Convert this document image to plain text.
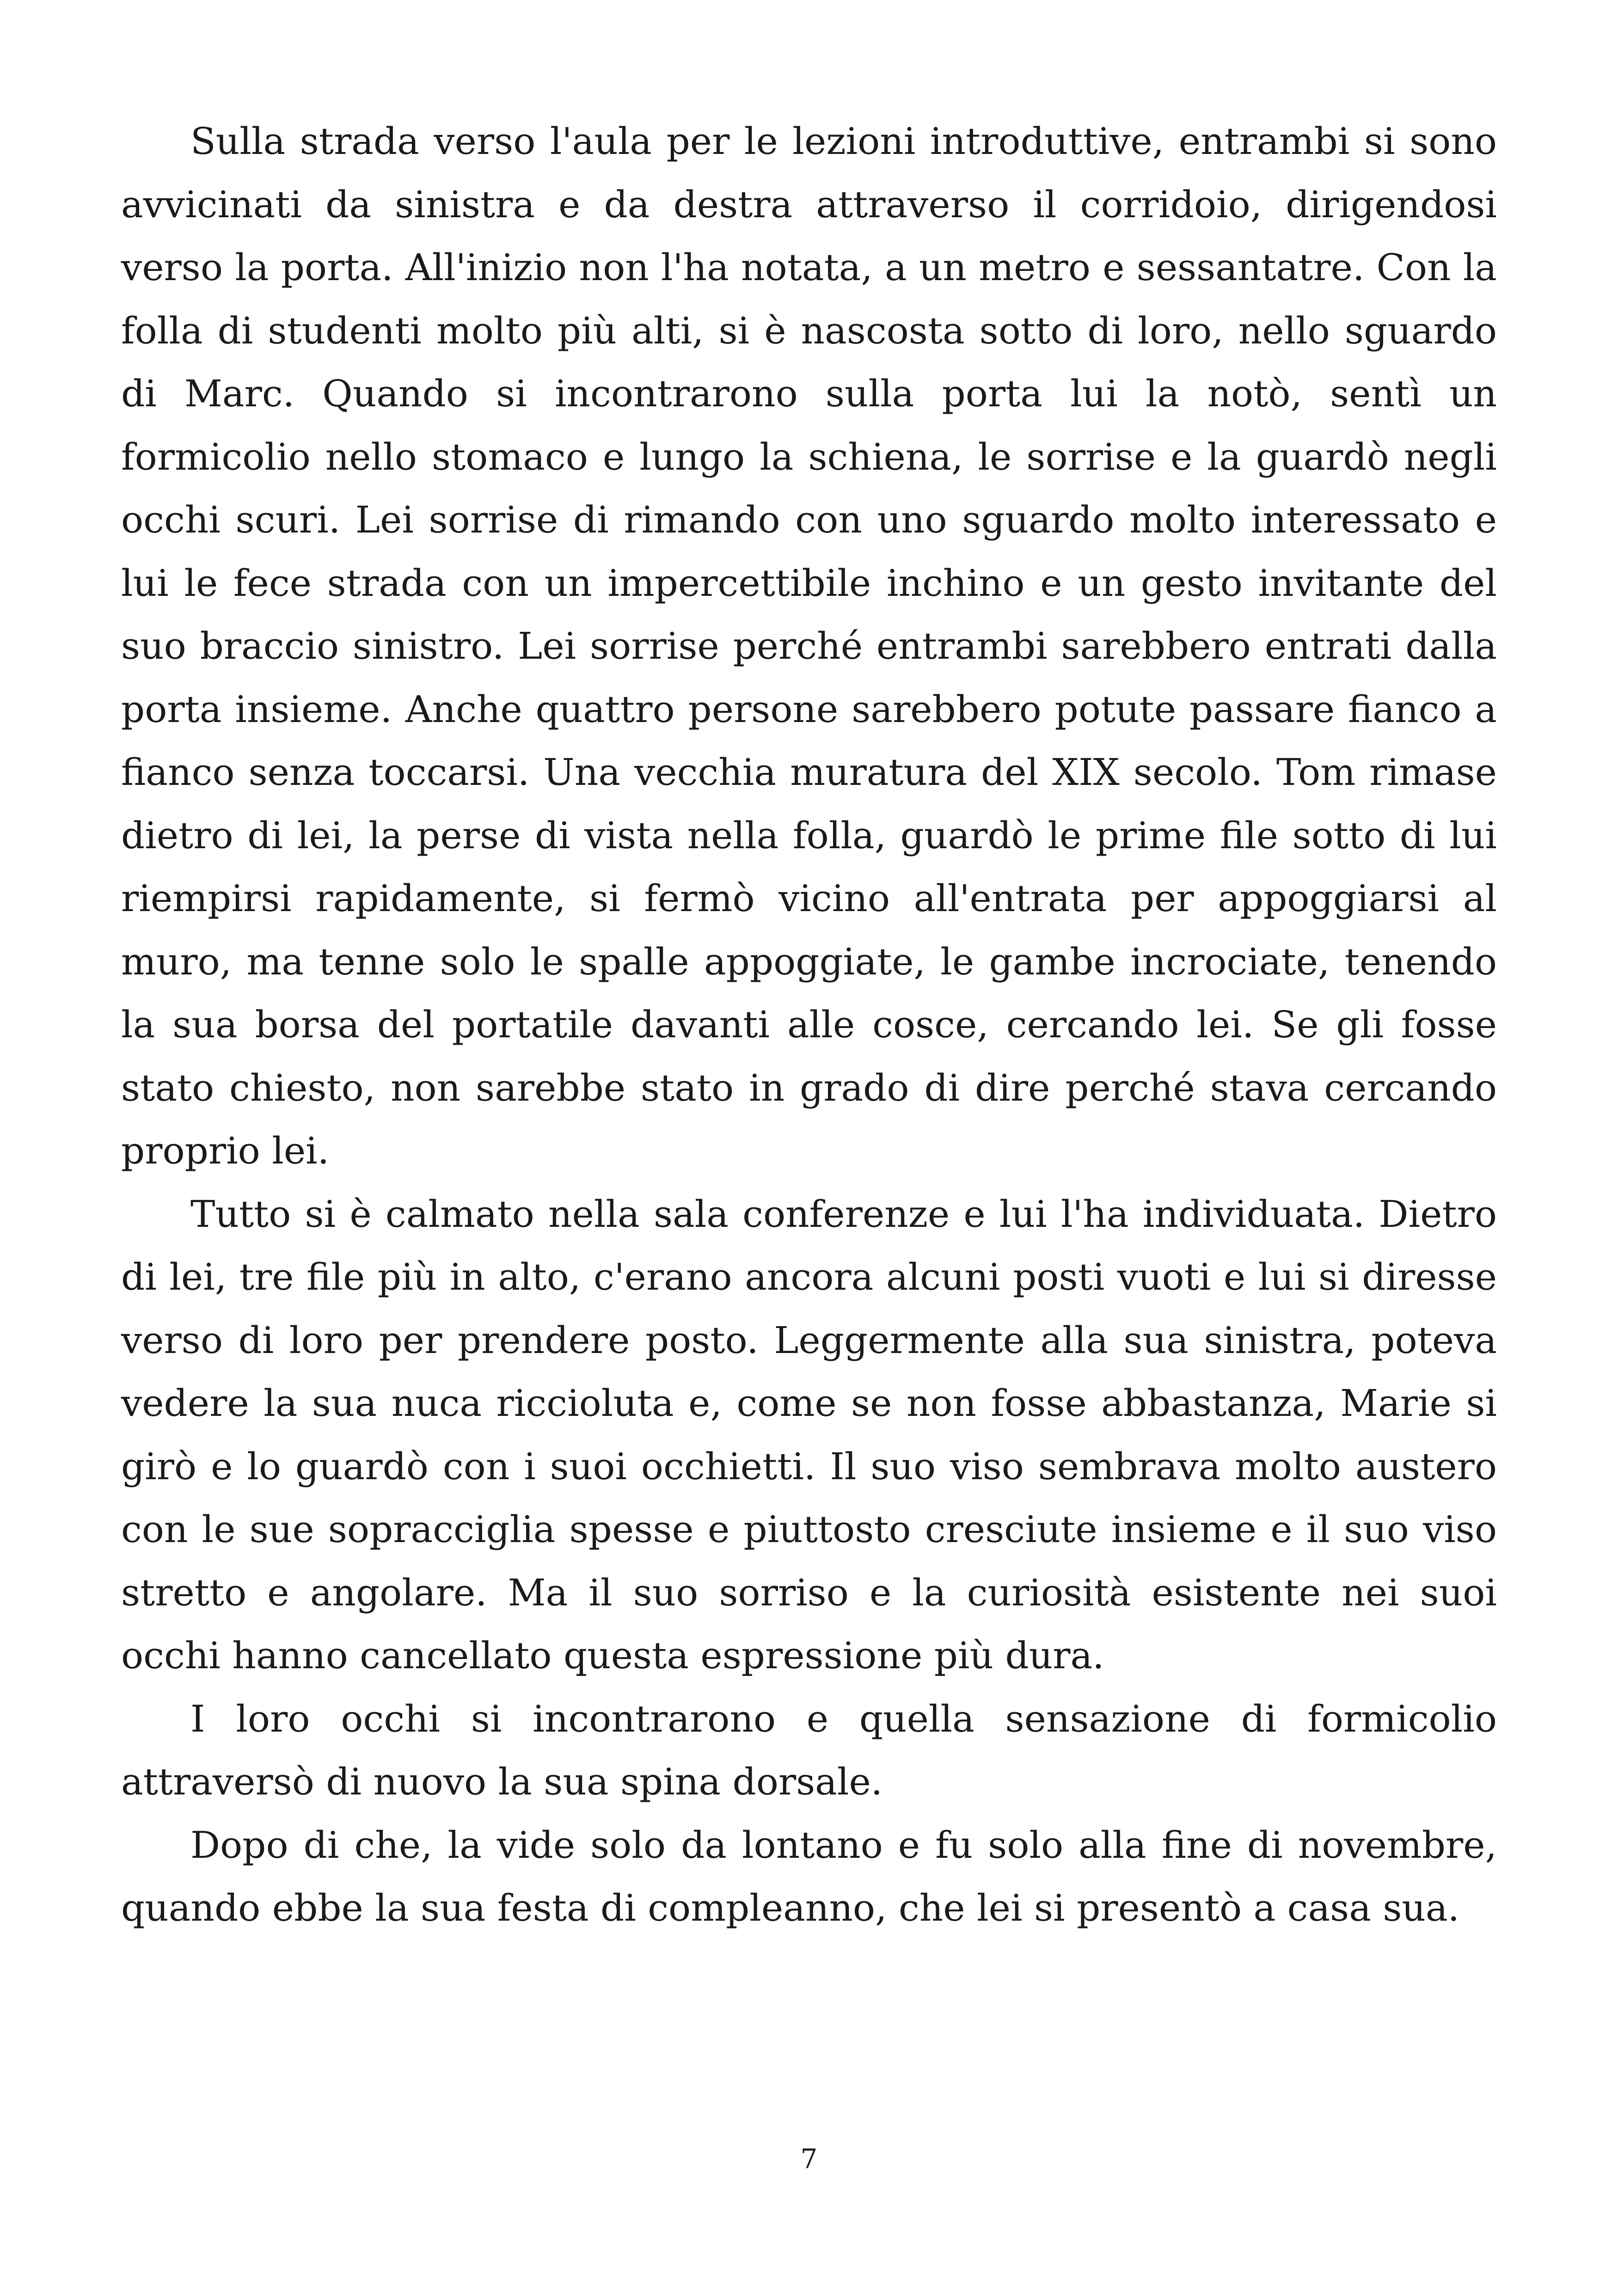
Sulla strada verso l'aula per le lezioni introduttive, entrambi si sono avvicinati da sinistra e da destra attraverso il corridoio, dirigendosi verso la porta. All'inizio non l'ha notata, a un metro e sessantatre. Con la folla di studenti molto più alti, si è nascosta sotto di loro, nello sguardo di Marc. Quando si incontrarono sulla porta lui la notò, sentì un formicolio nello stomaco e lungo la schiena, le sorrise e la guardò negli occhi scuri. Lei sorrise di rimando con uno sguardo molto interessato e lui le fece strada con un impercettibile inchino e un gesto invitante del suo braccio sinistro. Lei sorrise perché entrambi sarebbero entrati dalla porta insieme. Anche quattro persone sarebbero potute passare fianco a fianco senza toccarsi. Una vecchia muratura del XIX secolo. Tom rimase dietro di lei, la perse di vista nella folla, guardò le prime file sotto di lui riempirsi rapidamente, si fermò vicino all'entrata per appoggiarsi al muro, ma tenne solo le spalle appoggiate, le gambe incrociate, tenendo la sua borsa del portatile davanti alle cosce, cercando lei. Se gli fosse stato chiesto, non sarebbe stato in grado di dire perché stava cercando proprio lei.

Tutto si è calmato nella sala conferenze e lui l'ha individuata. Dietro di lei, tre file più in alto, c'erano ancora alcuni posti vuoti e lui si diresse verso di loro per prendere posto. Leggermente alla sua sinistra, poteva vedere la sua nuca riccioluta e, come se non fosse abbastanza, Marie si girò e lo guardò con i suoi occhietti. Il suo viso sembrava molto austero con le sue sopracciglia spesse e piuttosto cresciute insieme e il suo viso stretto e angolare. Ma il suo sorriso e la curiosità esistente nei suoi occhi hanno cancellato questa espressione più dura.

I loro occhi si incontrarono e quella sensazione di formicolio attraversò di nuovo la sua spina dorsale.

Dopo di che, la vide solo da lontano e fu solo alla fine di novembre, quando ebbe la sua festa di compleanno, che lei si presentò a casa sua.

7
